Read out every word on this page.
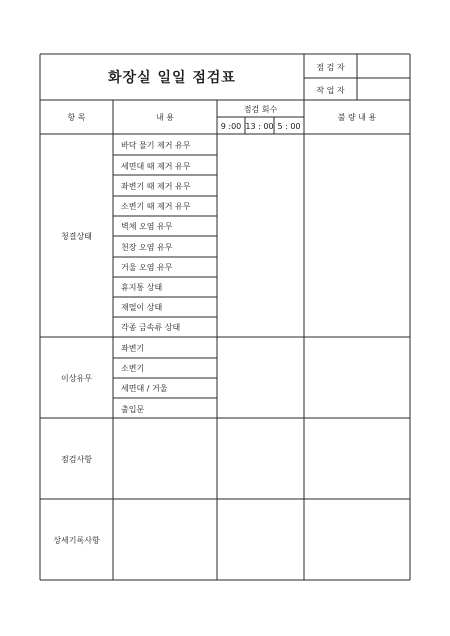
화장실 일일 점검표
점 검 자
작 업 자
항 목	내 용
점검 회수
9 :00 13 : 00 5 : 00
불 량 내 용
청결상태
바닥 물기 제거 유무
세면대 때 제거 유무
좌변기 때 제거 유무
소변기 때 제거 유무
벽체 오염 유무
천장 오염 유무
거울 오염 유무
휴지통 상태
재떨이 상태
각종 금속류 상태
이상유무
좌변기
소변기
세면대 / 거울
출입문
점검사항
상세기록사항
